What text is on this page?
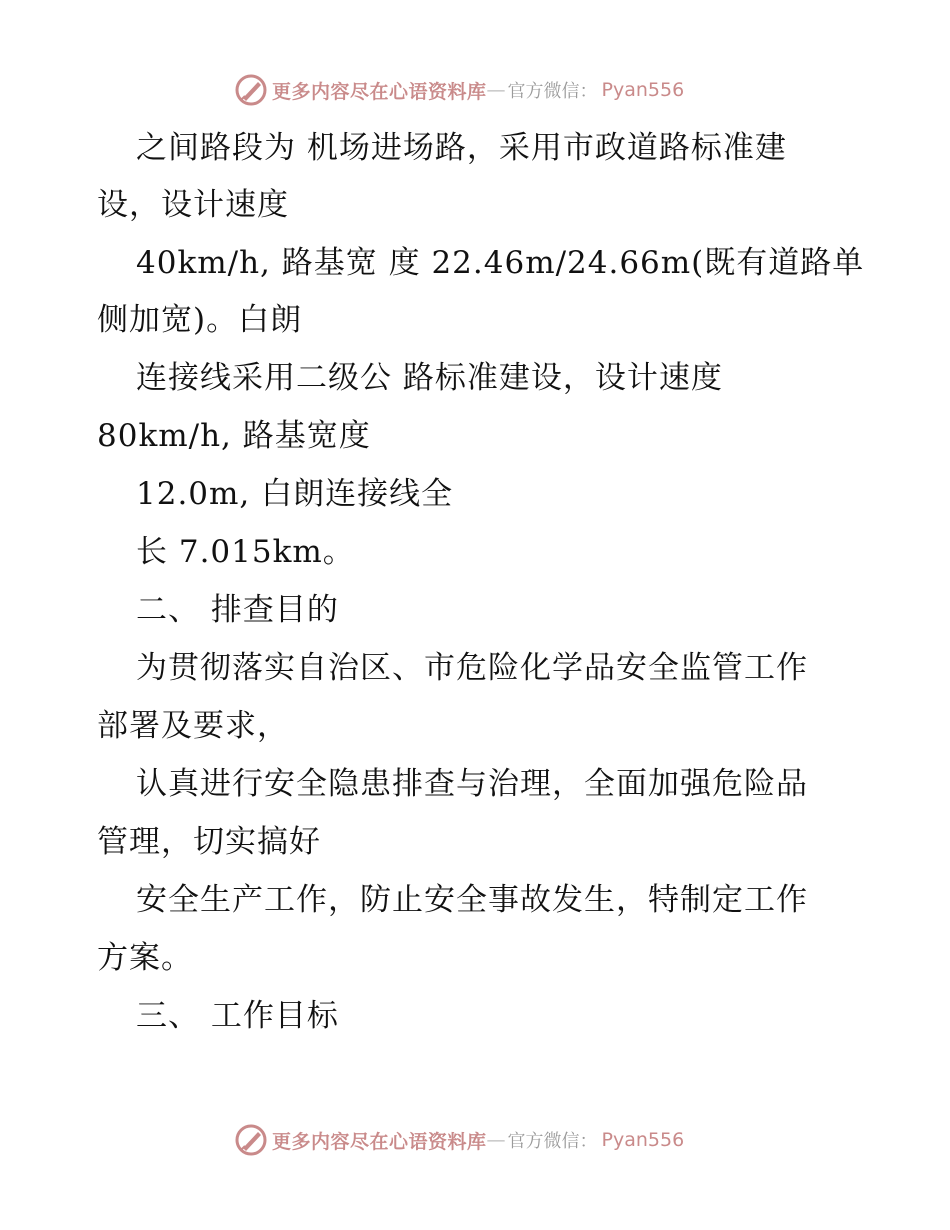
更多内容尽在心语资料库 — 官方微信： Pyan556
之间路段为 机场进场路，采用市政道路标准建
设，设计速度
40km/h, 路基宽 度 22.46m/24.66m(既有道路单
侧加宽)。白朗
连接线采用二级公 路标准建设，设计速度
80km/h, 路基宽度
12.0m, 白朗连接线全
长 7.015km。
二、 排查目的
为贯彻落实自治区、市危险化学品安全监管工作
部署及要求，
认真进行安全隐患排查与治理，全面加强危险品
管理，切实搞好
安全生产工作，防止安全事故发生，特制定工作
方案。
三、 工作目标
更多内容尽在心语资料库 — 官方微信： Pyan556
